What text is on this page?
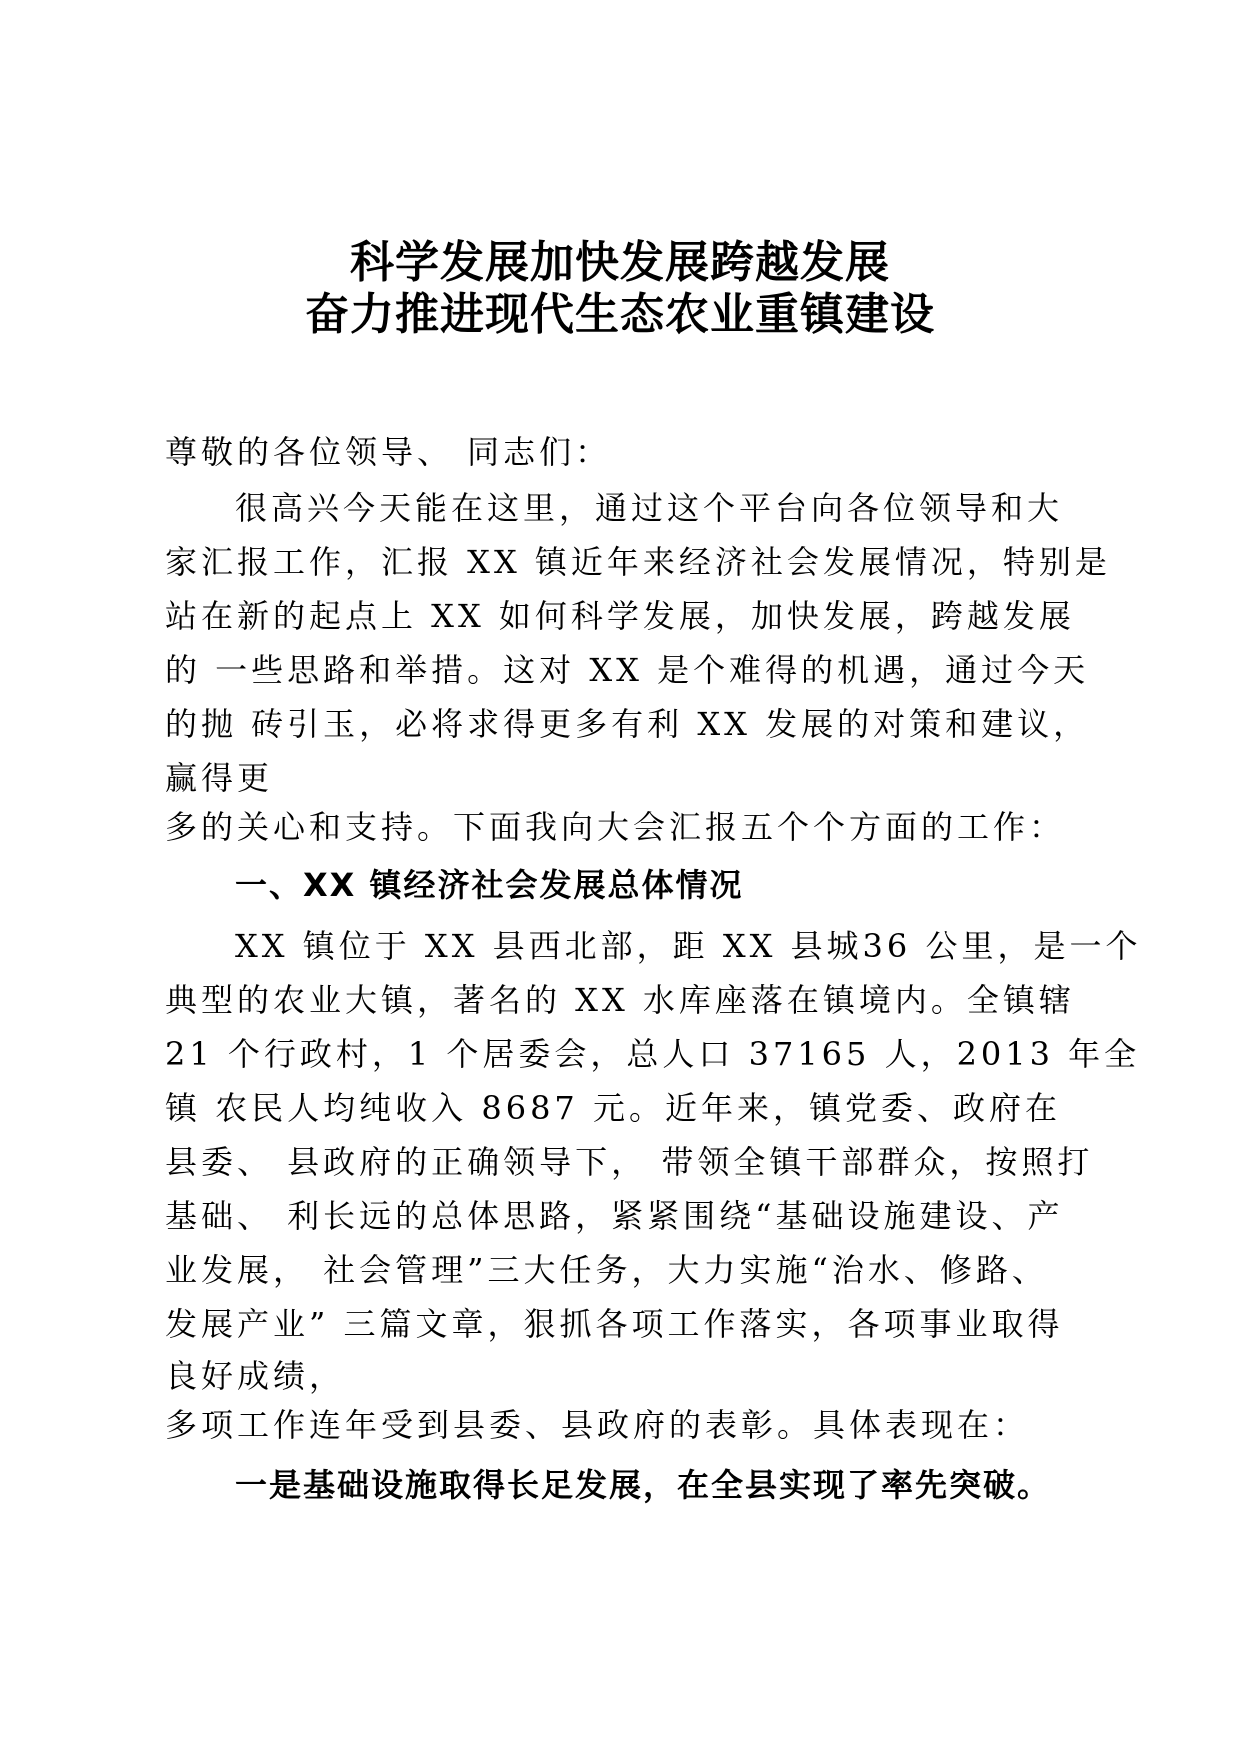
科学发展加快发展跨越发展
奋力推进现代生态农业重镇建设
尊敬的各位领导、 同志们：
很高兴今天能在这里，通过这个平台向各位领导和大
家汇报工作，汇报 XX 镇近年来经济社会发展情况，特别是
站在新的起点上 XX 如何科学发展，加快发展，跨越发展
的 一些思路和举措。这对 XX 是个难得的机遇，通过今天
的抛 砖引玉，必将求得更多有利 XX 发展的对策和建议，
赢得更
多的关心和支持。下面我向大会汇报五个个方面的工作：
一、XX 镇经济社会发展总体情况
XX 镇位于 XX 县西北部，距 XX 县城36 公里，是一个
典型的农业大镇，著名的 XX 水库座落在镇境内。全镇辖
21 个行政村，1 个居委会，总人口 37165 人，2013 年全
镇 农民人均纯收入 8687 元。近年来，镇党委、政府在
县委、 县政府的正确领导下， 带领全镇干部群众，按照打
基础、 利长远的总体思路，紧紧围绕“基础设施建设、产
业发展， 社会管理”三大任务，大力实施“治水、修路、
发展产业” 三篇文章，狠抓各项工作落实，各项事业取得
良好成绩，
多项工作连年受到县委、县政府的表彰。具体表现在：
一是基础设施取得长足发展，在全县实现了率先突破。
